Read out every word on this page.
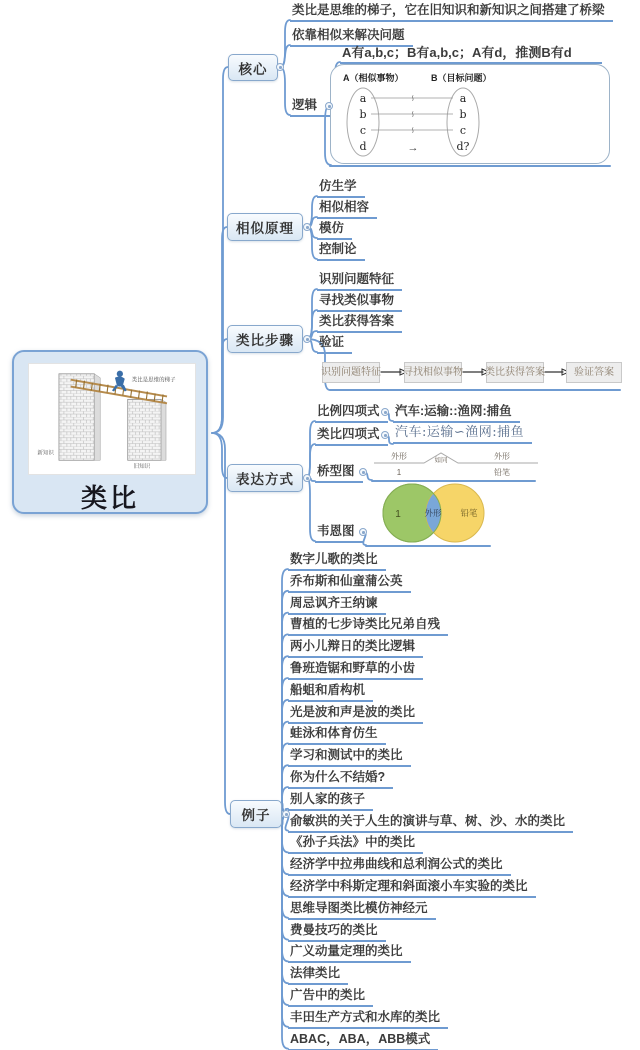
类比是思维的梯子
新知识
旧知识
类比
核心
相似原理
类比步骤
表达方式
例子
类比是思维的梯子，它在旧知识和新知识之间搭建了桥梁
依靠相似来解决问题
逻辑
A有a,b,c；B有a,b,c；A有d，推测B有d
A（相似事物）	B（目标问题）
a
b
c
d
a
b
c
d?
∽
∽
∽
→
仿生学
相似相容
模仿
控制论
识别问题特征
寻找类似事物
类比获得答案
验证
识别问题特征 寻找相似事物 类比获得答案	验证答案
比例四项式	汽车:运输::渔网:捕鱼
类比四项式	汽车:运输∽渔网:捕鱼
桥型图
韦恩图
外形	如同	外形
1	铅笔
1	外形 铅笔
数字儿歌的类比
乔布斯和仙童蒲公英
周忌讽齐王纳谏
曹植的七步诗类比兄弟自残
两小儿辩日的类比逻辑
鲁班造锯和野草的小齿
船蛆和盾构机
光是波和声是波的类比
蛙泳和体育仿生
学习和测试中的类比
你为什么不结婚?
别人家的孩子
俞敏洪的关于人生的演讲与草、树、沙、水的类比
《孙子兵法》中的类比
经济学中拉弗曲线和总利润公式的类比
经济学中科斯定理和斜面滚小车实验的类比
思维导图类比模仿神经元
费曼技巧的类比
广义动量定理的类比
法律类比
广告中的类比
丰田生产方式和水库的类比
ABAC，ABA，ABB模式
